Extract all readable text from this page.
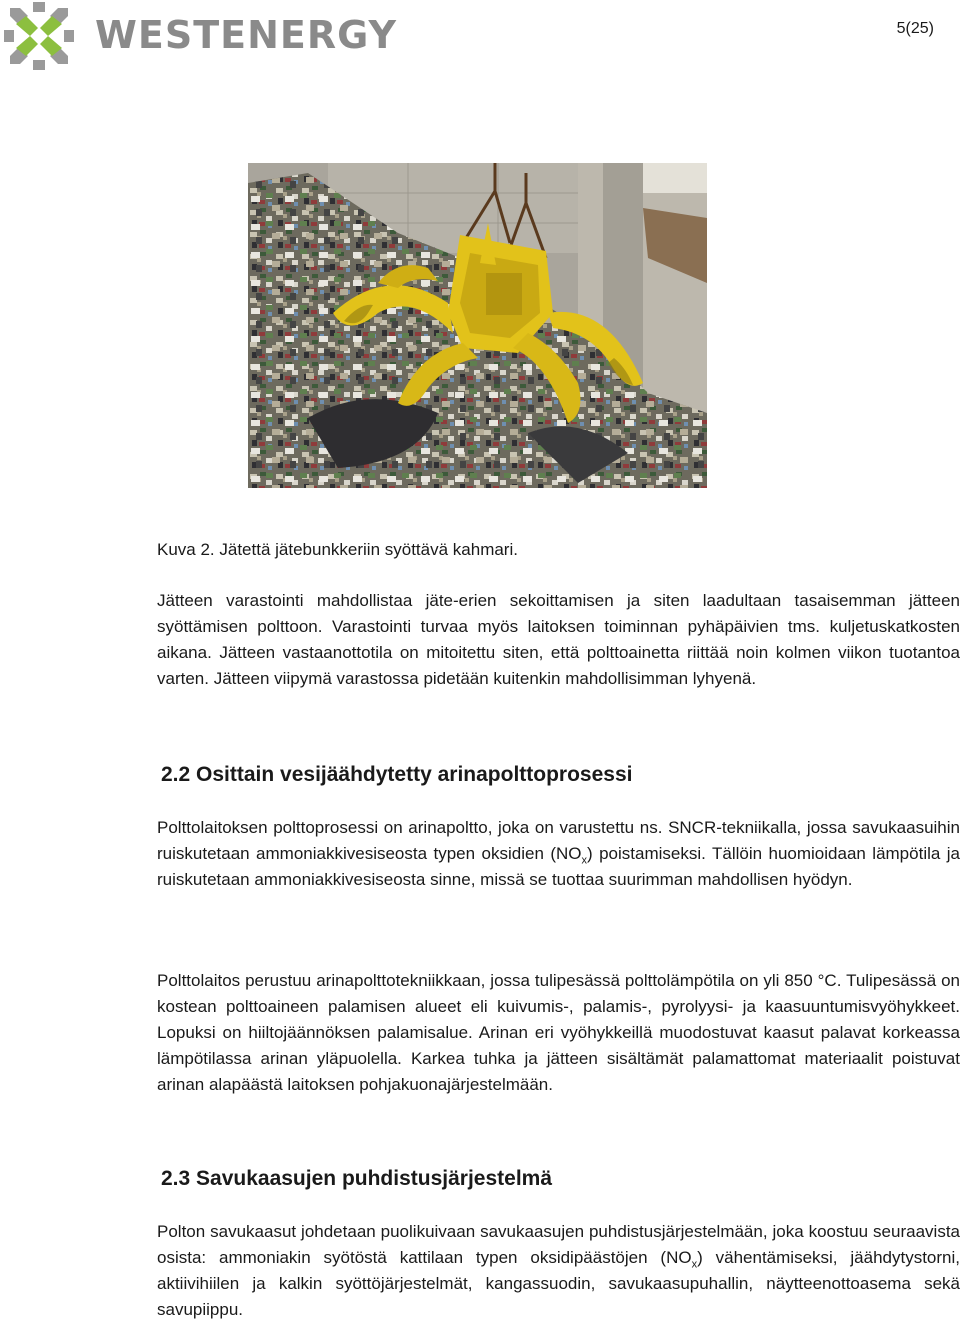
WESTENERGY	5(25)
Kuva 2. Jätettä jätebunkkeriin syöttävä kahmari.

Jätteen varastointi mahdollistaa jäte-erien sekoittamisen ja siten laadultaan tasaisemman jätteen syöttämisen polttoon. Varastointi turvaa myös laitoksen toiminnan pyhäpäivien tms. kuljetuskatkosten aikana. Jätteen vastaanottotila on mitoitettu siten, että polttoainetta riittää noin kolmen viikon tuotantoa varten. Jätteen viipymä varastossa pidetään kuitenkin mahdollisimman lyhyenä.

2.2 Osittain vesijäähdytetty arinapolttoprosessi

Polttolaitoksen polttoprosessi on arinapoltto, joka on varustettu ns. SNCR-tekniikalla, jossa savukaasuihin ruiskutetaan ammoniakkivesiseosta typen oksidien $(NO_x)$ poistamiseksi. Tällöin huomioidaan lämpötila ja ruiskutetaan ammoniakkivesiseosta sinne, missä se tuottaa suurimman mahdollisen hyödyn.

Polttolaitos perustuu arinapolttotekniikkaan, jossa tulipesässä polttolämpötila on yli 850 °C. Tulipesässä on kostean polttoaineen palamisen alueet eli kuivumis-, palamis-, pyrolyysi- ja kaasuuntumisvyöhykkeet. Lopuksi on hiiltojäännöksen palamisalue. Arinan eri vyöhykkeillä muodostuvat kaasut palavat korkeassa lämpötilassa arinan yläpuolella. Karkea tuhka ja jätteen sisältämät palamattomat materiaalit poistuvat arinan alapäästä laitoksen pohjakuonajärjestelmään.

2.3 Savukaasujen puhdistusjärjestelmä

Polton savukaasut johdetaan puolikuivaan savukaasujen puhdistusjärjestelmään, joka koostuu seuraavista osista: ammoniakin syötöstä kattilaan typen oksidipäästöjen $(NO_x)$ vähentämiseksi, jäähdytystorni, aktiivihiilen ja kalkin syöttöjärjestelmät, kangassuodin, savukaasupuhallin, näytteenottoasema sekä savupiippu.
